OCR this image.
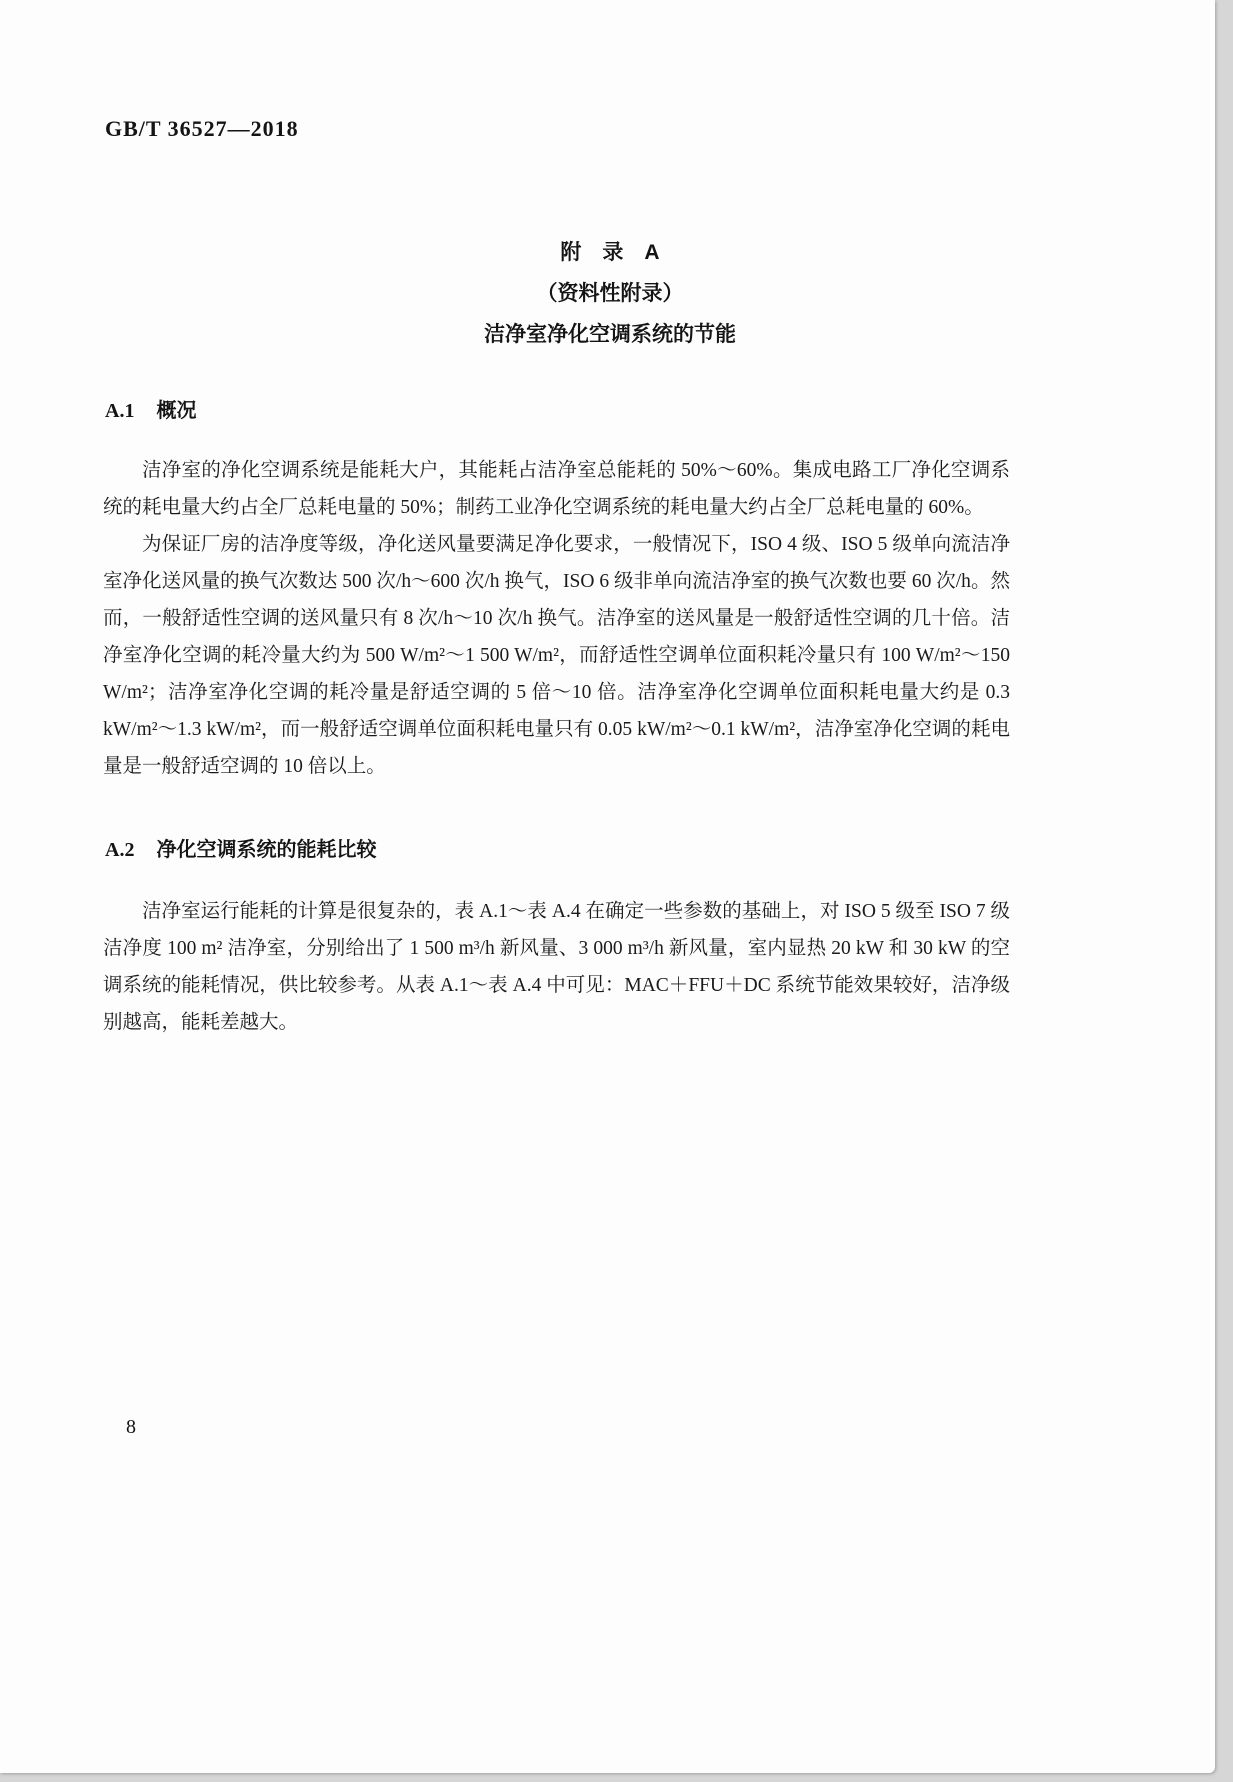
GB/T 36527—2018
附　录　A
（资料性附录）
洁净室净化空调系统的节能
A.1 概况

洁净室的净化空调系统是能耗大户，其能耗占洁净室总能耗的 50%～60%。集成电路工厂净化空调系统的耗电量大约占全厂总耗电量的 50%；制药工业净化空调系统的耗电量大约占全厂总耗电量的 60%。

为保证厂房的洁净度等级，净化送风量要满足净化要求，一般情况下，ISO 4 级、ISO 5 级单向流洁净室净化送风量的换气次数达 500 次/h～600 次/h 换气，ISO 6 级非单向流洁净室的换气次数也要 60 次/h。然而，一般舒适性空调的送风量只有 8 次/h～10 次/h 换气。洁净室的送风量是一般舒适性空调的几十倍。洁净室净化空调的耗冷量大约为 500 W/m²～1 500 W/m²，而舒适性空调单位面积耗冷量只有 100 W/m²～150 W/m²；洁净室净化空调的耗冷量是舒适空调的 5 倍～10 倍。洁净室净化空调单位面积耗电量大约是 0.3 kW/m²～1.3 kW/m²，而一般舒适空调单位面积耗电量只有 0.05 kW/m²～0.1 kW/m²，洁净室净化空调的耗电量是一般舒适空调的 10 倍以上。

A.2 净化空调系统的能耗比较

洁净室运行能耗的计算是很复杂的，表 A.1～表 A.4 在确定一些参数的基础上，对 ISO 5 级至 ISO 7 级洁净度 100 m² 洁净室，分别给出了 1 500 m³/h 新风量、3 000 m³/h 新风量，室内显热 20 kW 和 30 kW 的空调系统的能耗情况，供比较参考。从表 A.1～表 A.4 中可见：MAC＋FFU＋DC 系统节能效果较好，洁净级别越高，能耗差越大。

8
